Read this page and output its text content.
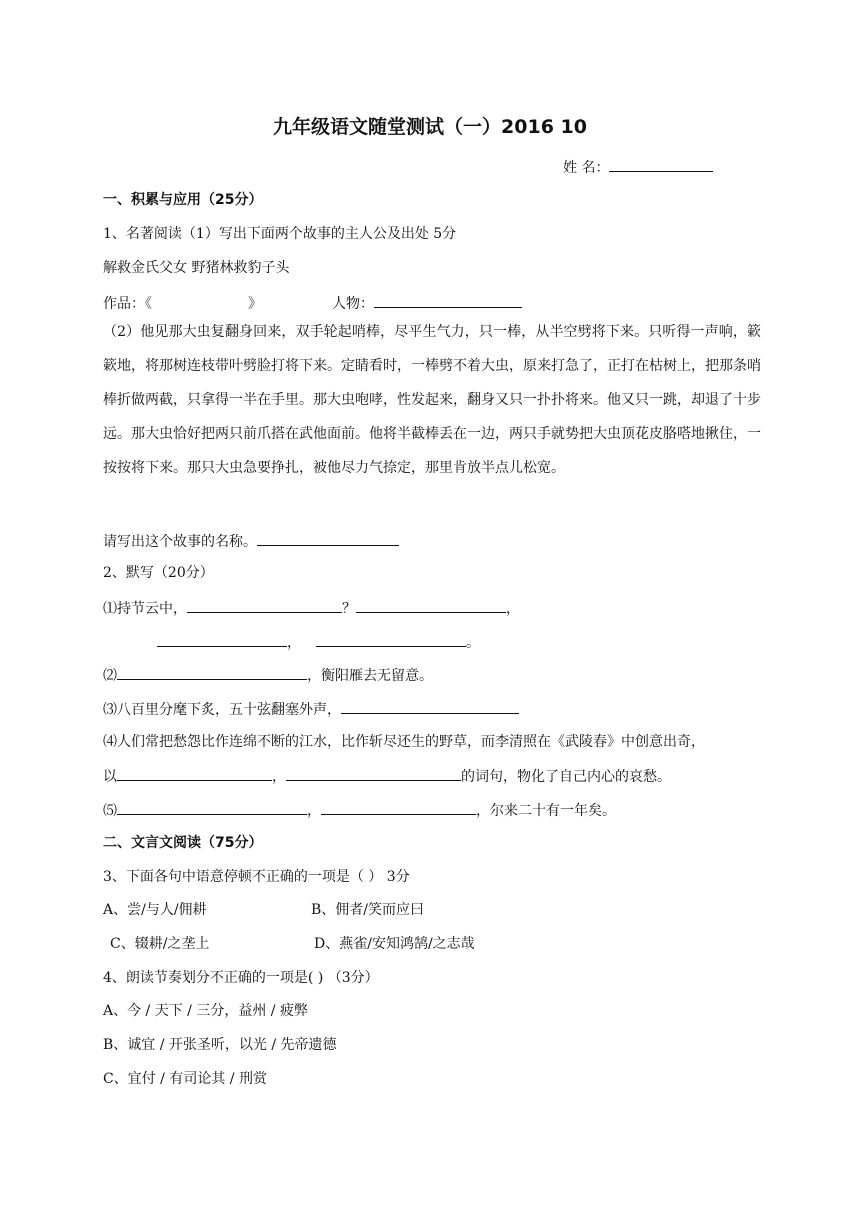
九年级语文随堂测试（一）2016 10
姓 名：
一、积累与应用（25分）
1、名著阅读（1）写出下面两个故事的主人公及出处 5分
解救金氏父女 野猪林救豹子头
作品：《	》	人物：
（2）他见那大虫复翻身回来，双手轮起哨棒，尽平生气力，只一棒，从半空劈将下来。只听得一声响，簌簌地，将那树连枝带叶劈脸打将下来。定睛看时，一棒劈不着大虫，原来打急了，正打在枯树上，把那条哨棒折做两截，只拿得一半在手里。那大虫咆哮，性发起来，翻身又只一扑扑将来。他又只一跳，却退了十步远。那大虫恰好把两只前爪搭在武他面前。他将半截棒丢在一边，两只手就势把大虫顶花皮胳嗒地揪住，一按按将下来。那只大虫急要挣扎，被他尽力气捺定，那里肯放半点儿松宽。
请写出这个故事的名称。
2、默写（20分）
⑴持节云中，	？	，
，	。
⑵	，衡阳雁去无留意。
⑶八百里分麾下炙，五十弦翻塞外声，
⑷人们常把愁怨比作连绵不断的江水，比作斩尽还生的野草，而李清照在《武陵春》中创意出奇，
以	，	的词句，物化了自己内心的哀愁。
⑸	，	，尔来二十有一年矣。
二、文言文阅读（75分）
3、下面各句中语意停顿不正确的一项是（ ） 3分
A、尝/与人/佣耕	B、佣者/笑而应曰
C、辍耕/之垄上	D、燕雀/安知鸿鹄/之志哉
4、朗读节奏划分不正确的一项是( ) （3分）
A、今 / 天下 / 三分，益州 / 疲弊
B、诚宜 / 开张圣听，以光 / 先帝遗德
C、宜付 / 有司论其 / 刑赏
